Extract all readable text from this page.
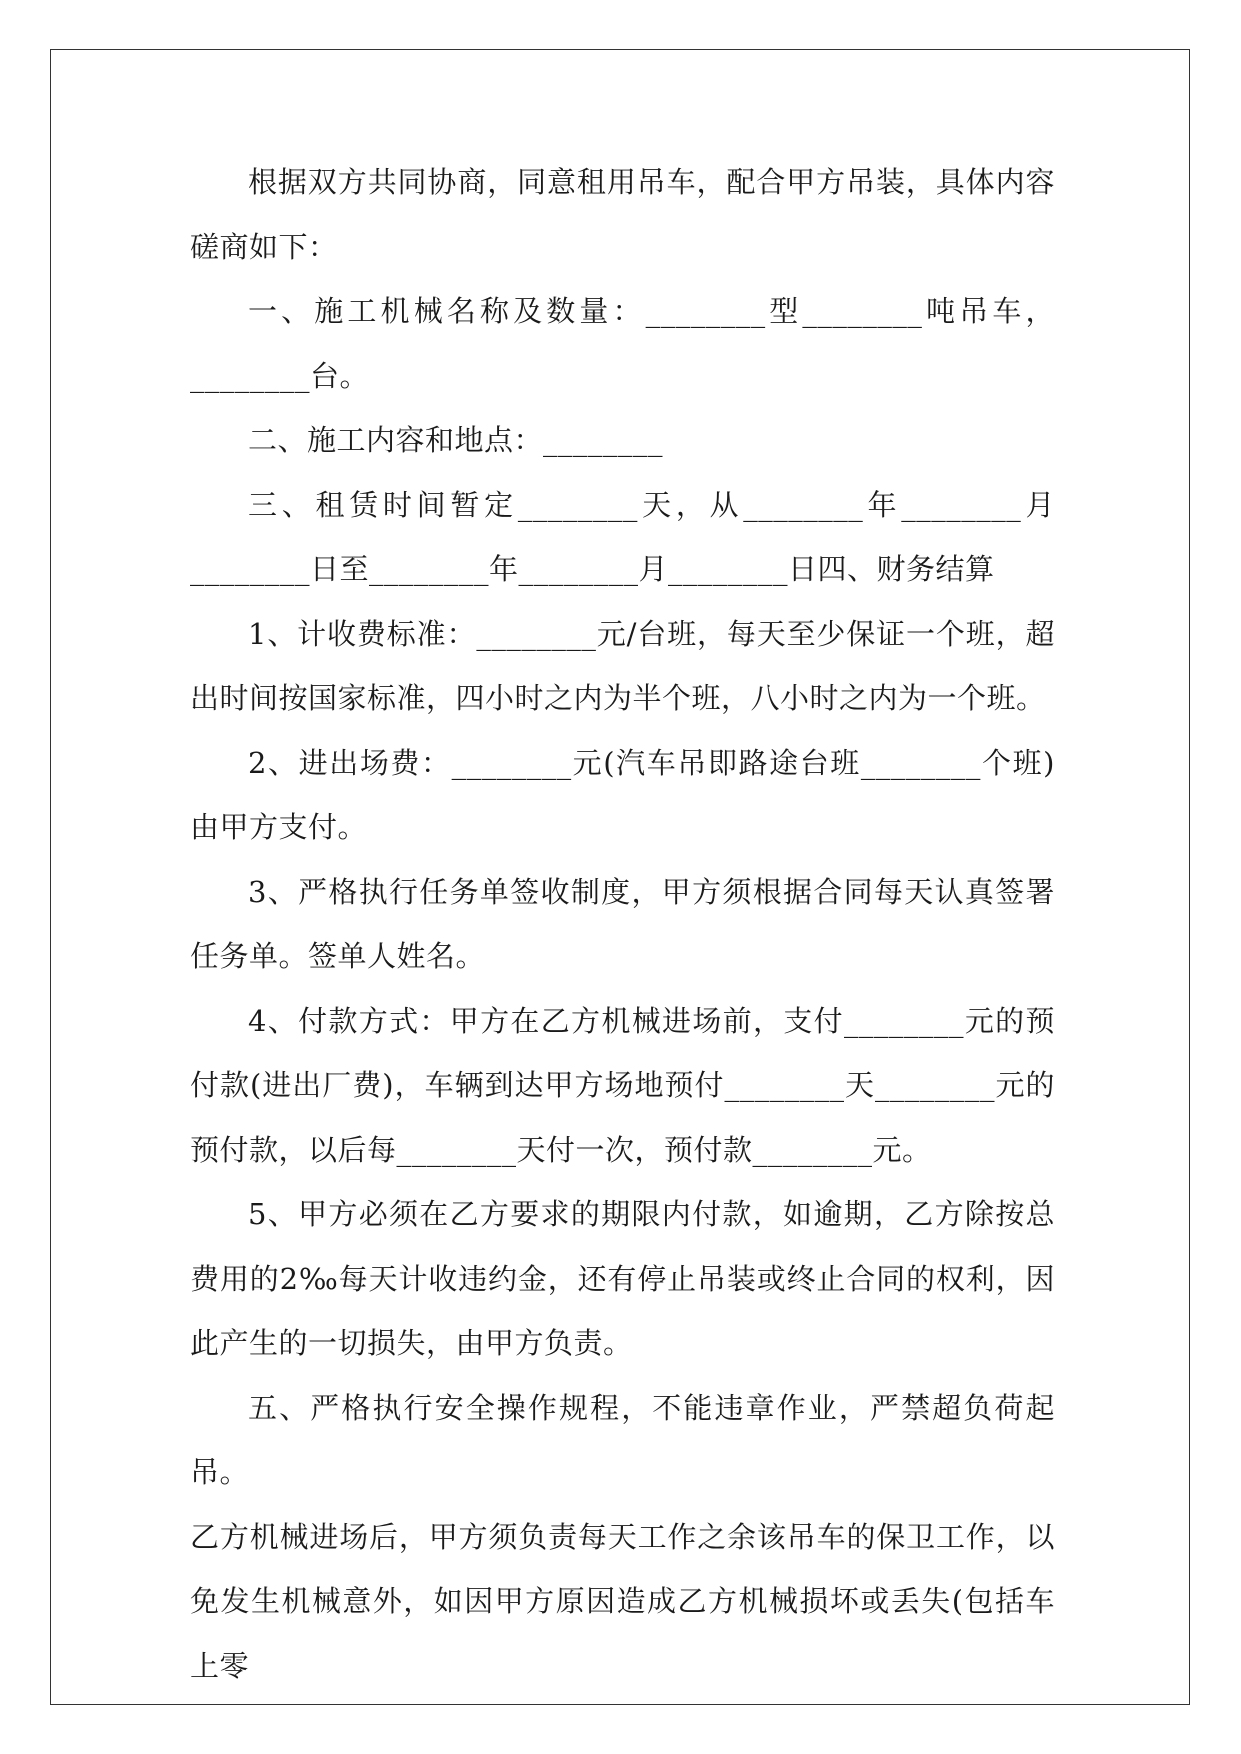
根据双方共同协商，同意租用吊车，配合甲方吊装，具体内容磋商如下：

一、施工机械名称及数量：________型________吨吊车，________台。

二、施工内容和地点：________

三、租赁时间暂定________天，从________年________月________日至________年________月________日四、财务结算

1、计收费标准：________元/台班，每天至少保证一个班，超出时间按国家标准，四小时之内为半个班，八小时之内为一个班。

2、进出场费：________元(汽车吊即路途台班________个班)由甲方支付。

3、严格执行任务单签收制度，甲方须根据合同每天认真签署任务单。签单人姓名。

4、付款方式：甲方在乙方机械进场前，支付________元的预付款(进出厂费)，车辆到达甲方场地预付________天________元的预付款，以后每________天付一次，预付款________元。

5、甲方必须在乙方要求的期限内付款，如逾期，乙方除按总费用的2‰每天计收违约金，还有停止吊装或终止合同的权利，因此产生的一切损失，由甲方负责。

五、严格执行安全操作规程，不能违章作业，严禁超负荷起吊。

乙方机械进场后，甲方须负责每天工作之余该吊车的保卫工作，以免发生机械意外，如因甲方原因造成乙方机械损坏或丢失(包括车上零
